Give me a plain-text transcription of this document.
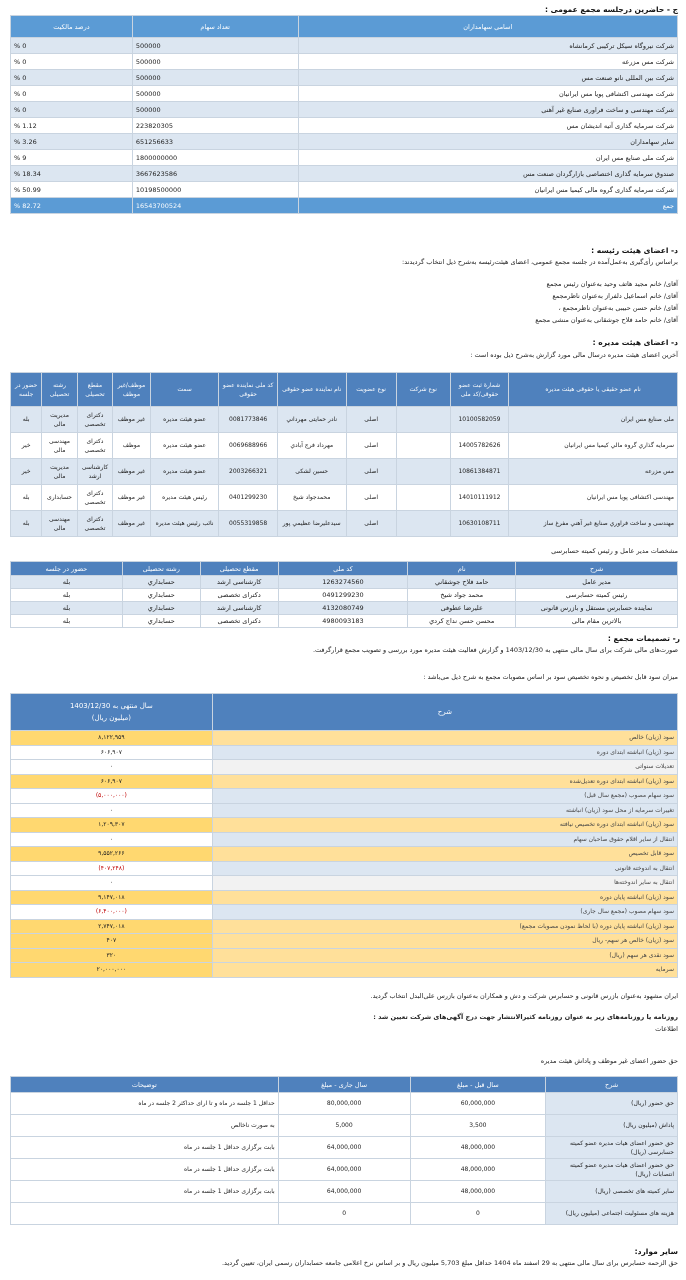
ج - حاضرین درجلسه مجمع عمومی :
اسامی سهامداران	تعداد سهام	درصد مالکیت
شرکت نیروگاه سیکل ترکیبی کرمانشاه	500000	% 0
شرکت مس مزرعه	500000	% 0
شرکت بین المللی نانو صنعت مس	500000	% 0
شرکت مهندسی اکتشافی پویا مس ایرانیان	500000	% 0
شرکت مهندسی و ساخت فراوری صنایع غیر آهنی	500000	% 0
شرکت سرمایه گذاری آتیه اندیشان مس	223820305	% 1.12
سایر سهامداران	651256633	% 3.26
شرکت ملی صنایع مس ایران	1800000000	% 9
صندوق سرمایه گذاری اختصاصی بازارگردان صنعت مس	3667623586	% 18.34
شرکت سرمایه گذاری گروه مالی کیمیا مس ایرانیان	10198500000	% 50.99
جمع	16543700524	% 82.72
د- اعضای هیئت رئیسه :
براساس رأی‌گیری به‌عمل‌آمده در جلسه مجمع عمومی، اعضای هیئت‌رئیسه به‌شرح ذیل انتخاب گردیدند:
آقای/ خانم مجید هاتف وحید به‌عنوان رئیس مجمع
آقای/ خانم اسماعیل دلفراز به‌عنوان ناظرمجمع
آقای/ خانم حسن حبیبی به‌عنوان ناظرمجمع ،
آقای/ خانم حامد فلاح جوشقانی به‌عنوان منشی مجمع
د- اعضای هیئت مدیره :
آخرین اعضای هیئت مدیره درسال مالی مورد گزارش به‌شرح ذیل بوده است :
نام عضو حقیقی یا حقوقی هیئت مدیره	شمارهٔ ثبت عضو حقوقی/کد ملی	نوع شرکت	نوع عضویت	نام نماینده عضو حقوقی	کد ملی نماینده عضو حقوقی	سمت	موظف/غیر موظف	مقطع تحصیلی	رشته تحصیلی	حضور در جلسه
ملی صنایع مس ایران	10100582059		اصلی	نادر حمایتی مهرداني	0081773846	عضو هیئت مدیره	غیر موظف	دکترای تخصصی	مدیریت مالی	بله
سرمایه گذاري گروه مالي کیمیا مس ایرانیان	14005782626		اصلی	مهرداد فرج آبادي	0069688966	عضو هیئت مدیره	موظف	دکترای تخصصی	مهندسی مالی	خیر
مس مزرعه	10861384871		اصلی	حسین لشکی	2003266321	عضو هیئت مدیره	غیر موظف	کارشناسی ارشد	مدیریت مالی	خیر
مهندسی اکتشافی پویا مس ایرانیان	14010111912		اصلی	محمدجواد شیخ	0401299230	رئیس هیئت مدیره	غیر موظف	دکترای تخصصی	حسابداری	بله
مهندسی و ساخت فراوري صنایع غیر آهني مفرغ ساز	10630108711		اصلی	سیدعلیرضا عظیمي پور	0055319858	نائب رئیس هیئت مدیره	غیر موظف	دکترای تخصصی	مهندسی مالی	بله
مشخصات مدیر عامل و رئیس کمیته حسابرسی
شرح	نام	کد ملی	مقطع تحصیلی	رشته تحصیلی	حضور در جلسه
مدیر عامل	حامد فلاح جوشقاني	1263274560	کارشناسی ارشد	حسابداري	بله
رئیس کمیته حسابرسی	محمد جواد شیخ	0491299230	دکترای تخصصی	حسابداري	بله
نماینده حسابرس مستقل و بازرس قانونی	علیرضا عطوفی	4132080749	کارشناسی ارشد	حسابداري	بله
بالاترین مقام مالی	محسن حسن نداج کردي	4980093183	دکترای تخصصی	حسابداري	بله
ر- تصمیمات مجمع :
صورت‌های مالی شرکت برای سال مالی منتهی به 1403/12/30 و گزارش فعالیت هیئت مدیره مورد بررسی و تصویب مجمع قرارگرفت.
میزان سود قابل تخصیص و نحوه تخصیص سود بر اساس مصوبات مجمع به شرح ذیل می‌باشد :
شرح	سال منتهی به 1403/12/30
(میلیون ریال)

سود (زیان) خالص	۸,۱۲۲,۹۵۹
سود (زیان) انباشته ابتدای دوره	۶۰۶,۹۰۷
تعدیلات سنواتی	۰
سود (زیان) انباشته ابتدای دوره تعدیل‌شده	۶۰۶,۹۰۷
سود سهام مصوب (مجمع سال قبل)	(۵,۰۰۰,۰۰۰)
تغییرات سرمایه از محل سود (زیان) انباشته	۰
سود (زیان) انباشته ابتدای دوره تخصیص نیافته	۱,۲۰۹,۳۰۷
انتقال از سایر اقلام حقوق صاحبان سهام	۰
سود قابل تخصیص	۹,۵۵۲,۲۶۶
انتقال به اندوخته قانونی	(۴۰۷,۲۴۸)
انتقال به سایر اندوخته‌ها	۰
سود (زیان) انباشته پایان دوره	۹,۱۴۷,۰۱۸
سود سهام مصوب (مجمع سال جاری)	(۶,۴۰۰,۰۰۰)
سود (زیان) انباشته پایان دوره (با لحاظ نمودن مصوبات مجمع)	۲,۷۴۷,۰۱۸
سود (زیان) خالص هر سهم- ریال	۴۰۷
سود نقدی هر سهم (ریال)	۳۲۰
سرمایه	۲۰,۰۰۰,۰۰۰
ایران مشهود به‌عنوان بازرس قانونی و حسابرس شرکت و دش و همکاران به‌عنوان بازرس علی‌البدل انتخاب گردید.
روزنامه یا روزنامه‌های زیر به عنوان روزنامه کثیرالانتشار جهت درج آگهی‌های شرکت تعیین شد :
اطلاعات
حق حضور اعضای غیر موظف و پاداش هیئت مدیره
شرح	سال قبل - مبلغ	سال جاری - مبلغ	توضیحات
حق حضور (ریال)	60,000,000	80,000,000	حداقل 1 جلسه در ماه و تا ارای حداکثر 2 جلسه در ماه
پاداش (میلیون ریال)	3,500	5,000	به صورت ناخالص
حق حضور اعضای هیات مدیره عضو کمیته حسابرسی (ریال)	48,000,000	64,000,000	بابت برگزاری حداقل 1 جلسه در ماه
حق حضور اعضای هیات مدیره عضو کمیته انتصابات (ریال)	48,000,000	64,000,000	بابت برگزاری حداقل 1 جلسه در ماه
سایر کمیته های تخصصی (ریال)	48,000,000	64,000,000	بابت برگزاری حداقل 1 جلسه در ماه
هزینه های مسئولیت اجتماعی (میلیون ریال)	0	0	
سایر موارد:
حق الزحمه حسابرس برای سال مالی منتهی به 29 اسفند ماه 1404 حداقل مبلغ 5,703 میلیون ریال و بر اساس نرخ اعلامی جامعه حسابداران رسمی ایران، تعیین گردید.
